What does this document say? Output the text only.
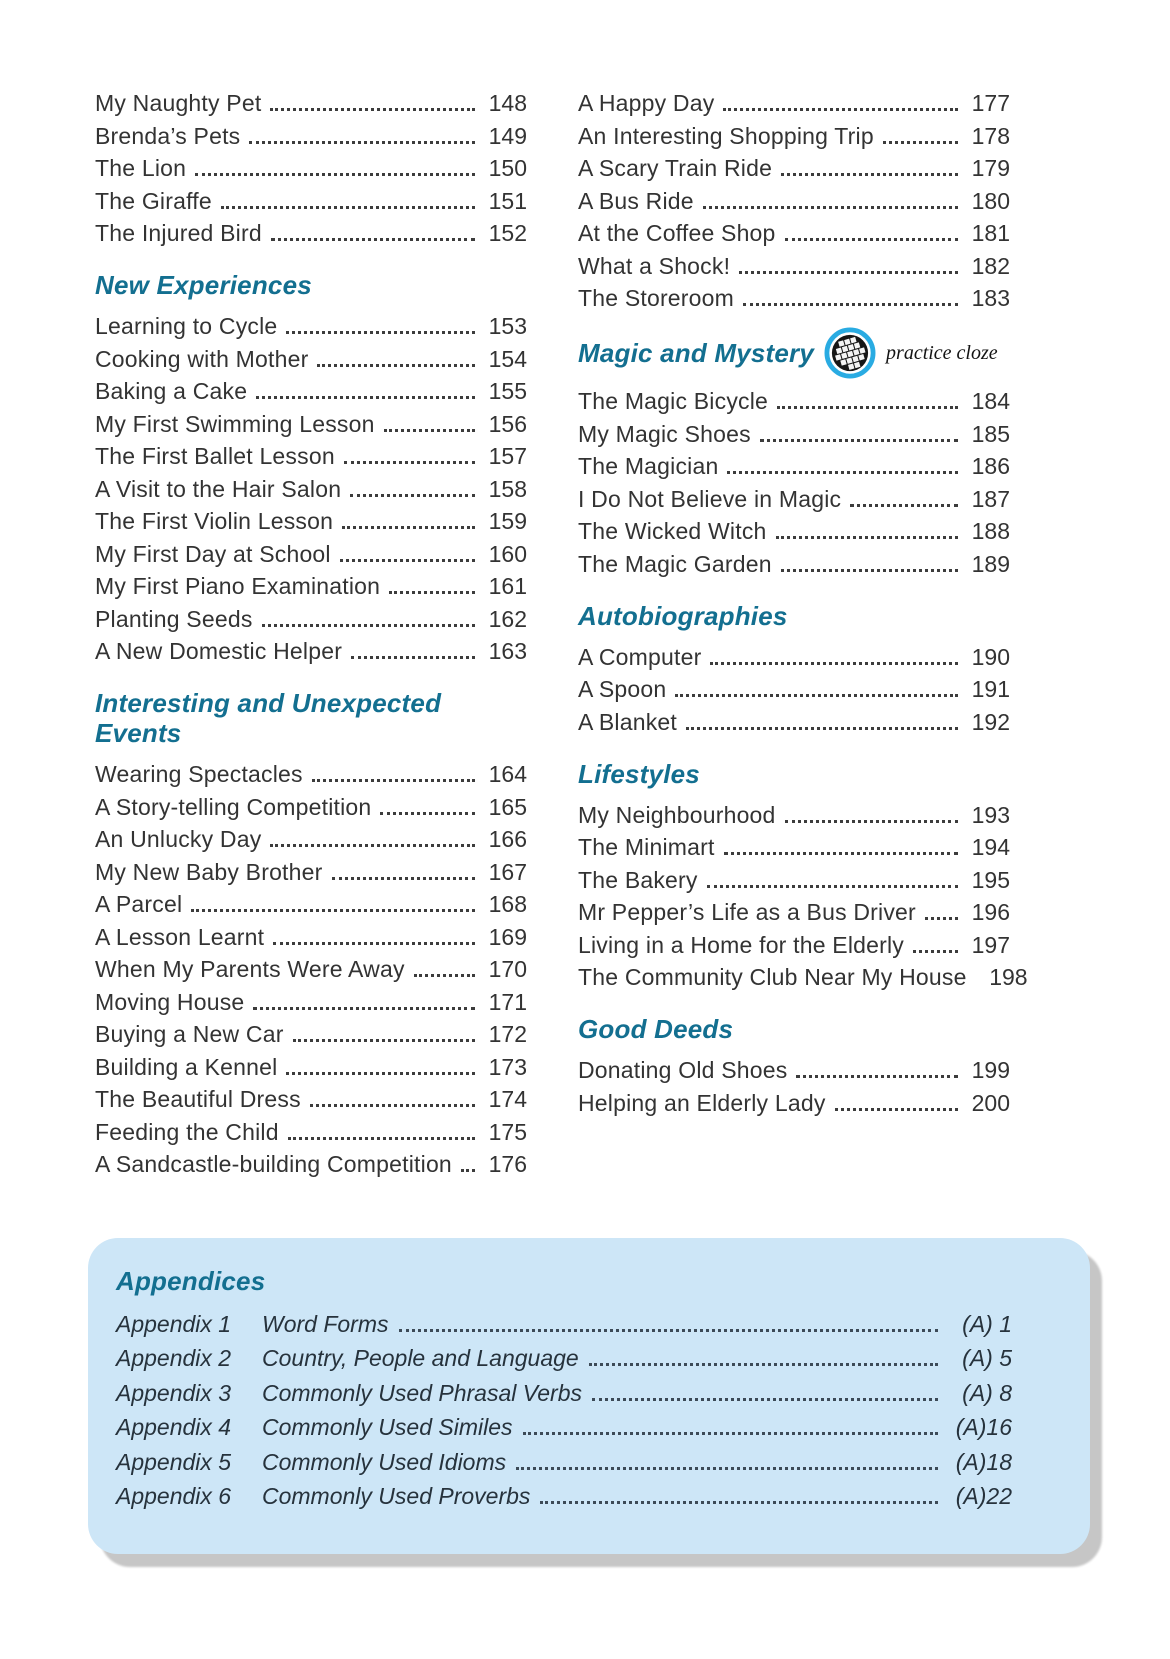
My Naughty Pet	148
Brenda’s Pets	149
The Lion	150
The Giraffe	151
The Injured Bird	152
New Experiences
Learning to Cycle	153
Cooking with Mother	154
Baking a Cake	155
My First Swimming Lesson	156
The First Ballet Lesson	157
A Visit to the Hair Salon	158
The First Violin Lesson	159
My First Day at School	160
My First Piano Examination	161
Planting Seeds	162
A New Domestic Helper	163
Interesting and Unexpected Events
Wearing Spectacles	164
A Story-telling Competition	165
An Unlucky Day	166
My New Baby Brother	167
A Parcel	168
A Lesson Learnt	169
When My Parents Were Away	170
Moving House	171
Buying a New Car	172
Building a Kennel	173
The Beautiful Dress	174
Feeding the Child	175
A Sandcastle-building Competition	176
A Happy Day	177
An Interesting Shopping Trip	178
A Scary Train Ride	179
A Bus Ride	180
At the Coffee Shop	181
What a Shock!	182
The Storeroom	183
Magic and Mystery	practice cloze
The Magic Bicycle	184
My Magic Shoes	185
The Magician	186
I Do Not Believe in Magic	187
The Wicked Witch	188
The Magic Garden	189
Autobiographies
A Computer	190
A Spoon	191
A Blanket	192
Lifestyles
My Neighbourhood	193
The Minimart	194
The Bakery	195
Mr Pepper’s Life as a Bus Driver	196
Living in a Home for the Elderly	197
The Community Club Near My House 198
Good Deeds
Donating Old Shoes	199
Helping an Elderly Lady	200
Appendices
Appendix 1	Word Forms	(A) 1
Appendix 2	Country, People and Language	(A) 5
Appendix 3	Commonly Used Phrasal Verbs	(A) 8
Appendix 4	Commonly Used Similes	(A)16
Appendix 5	Commonly Used Idioms	(A)18
Appendix 6	Commonly Used Proverbs	(A)22
